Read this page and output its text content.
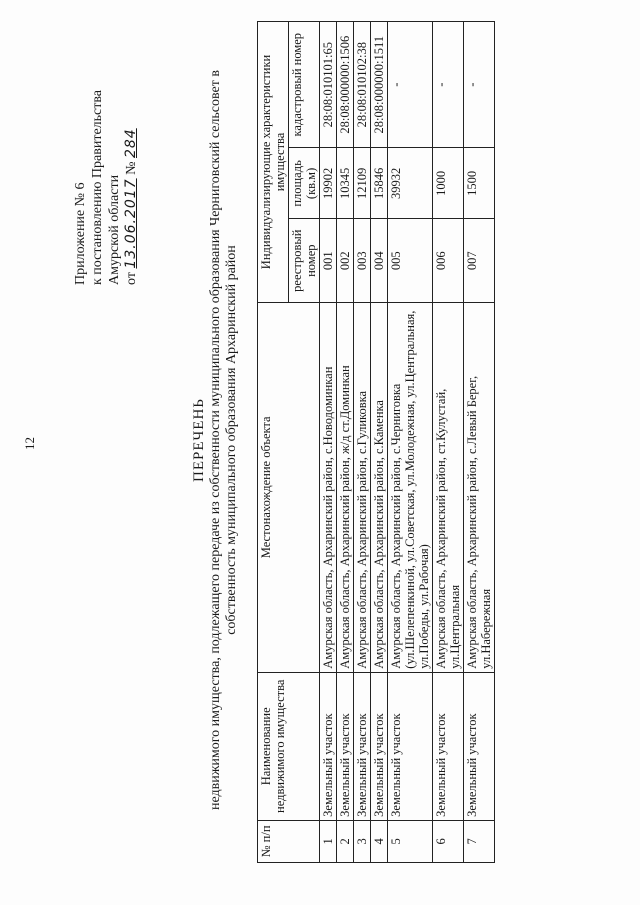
12
Приложение № 6 к постановлению Правительства Амурской области от 13.06.2017 № 284
ПЕРЕЧЕНЬ недвижимого имущества, подлежащего передаче из собственности муниципального образования Черниговский сельсовет в собственность муниципального образования Архаринский район
№ п/п	Наименование недвижимого имущества	Местонахождение объекта	Индивидуализирующие характеристики имущества		
			реестровый номер	площадь (кв.м)	кадастровый номер
1	Земельный участок	Амурская область, Архаринский район, с.Новодоминкан	001	19902	28:08:010101:65
2	Земельный участок	Амурская область, Архаринский район, ж/д ст.Доминкан	002	10345	28:08:000000:1506
3	Земельный участок	Амурская область, Архаринский район, с.Гуликовка	003	12109	28:08:010102:38
4	Земельный участок	Амурская область, Архаринский район, с.Каменка	004	15846	28:08:000000:1511
5	Земельный участок	Амурская область, Архаринский район, с.Черниговка (ул.Шелепенкиной, ул.Советская, ул.Молодежная, ул.Центральная, ул.Победы, ул.Рабочая)	005	39932	-
6	Земельный участок	Амурская область, Архаринский район, ст.Кулустай, ул.Центральная	006	1000	-
7	Земельный участок	Амурская область, Архаринский район, с.Левый Берег, ул.Набережная	007	1500	-
